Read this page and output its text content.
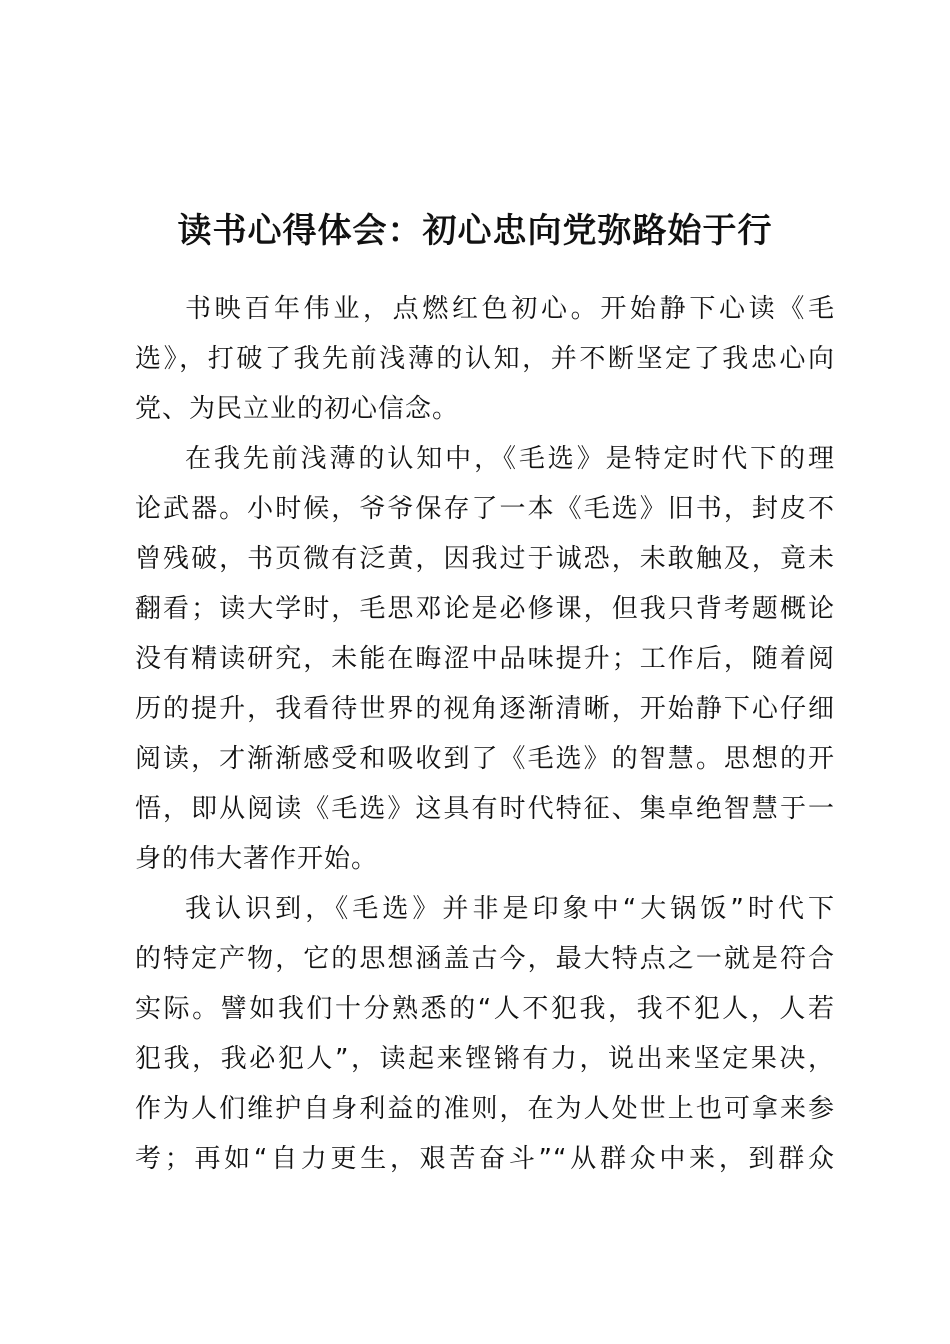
读书心得体会：初心忠向党弥路始于行
书映百年伟业，点燃红色初心。开始静下心读《毛
选》，打破了我先前浅薄的认知，并不断坚定了我忠心向
党、为民立业的初心信念。
在我先前浅薄的认知中，《毛选》是特定时代下的理
论武器。小时候，爷爷保存了一本《毛选》旧书，封皮不
曾残破，书页微有泛黄，因我过于诚恐，未敢触及，竟未
翻看；读大学时，毛思邓论是必修课，但我只背考题概论
没有精读研究，未能在晦涩中品味提升；工作后，随着阅
历的提升，我看待世界的视角逐渐清晰，开始静下心仔细
阅读，才渐渐感受和吸收到了《毛选》的智慧。思想的开
悟，即从阅读《毛选》这具有时代特征、集卓绝智慧于一
身的伟大著作开始。
我认识到，《毛选》并非是印象中“大锅饭”时代下
的特定产物，它的思想涵盖古今，最大特点之一就是符合
实际。譬如我们十分熟悉的“人不犯我，我不犯人，人若
犯我，我必犯人”，读起来铿锵有力，说出来坚定果决，
作为人们维护自身利益的准则，在为人处世上也可拿来参
考；再如“自力更生，艰苦奋斗”“从群众中来，到群众
